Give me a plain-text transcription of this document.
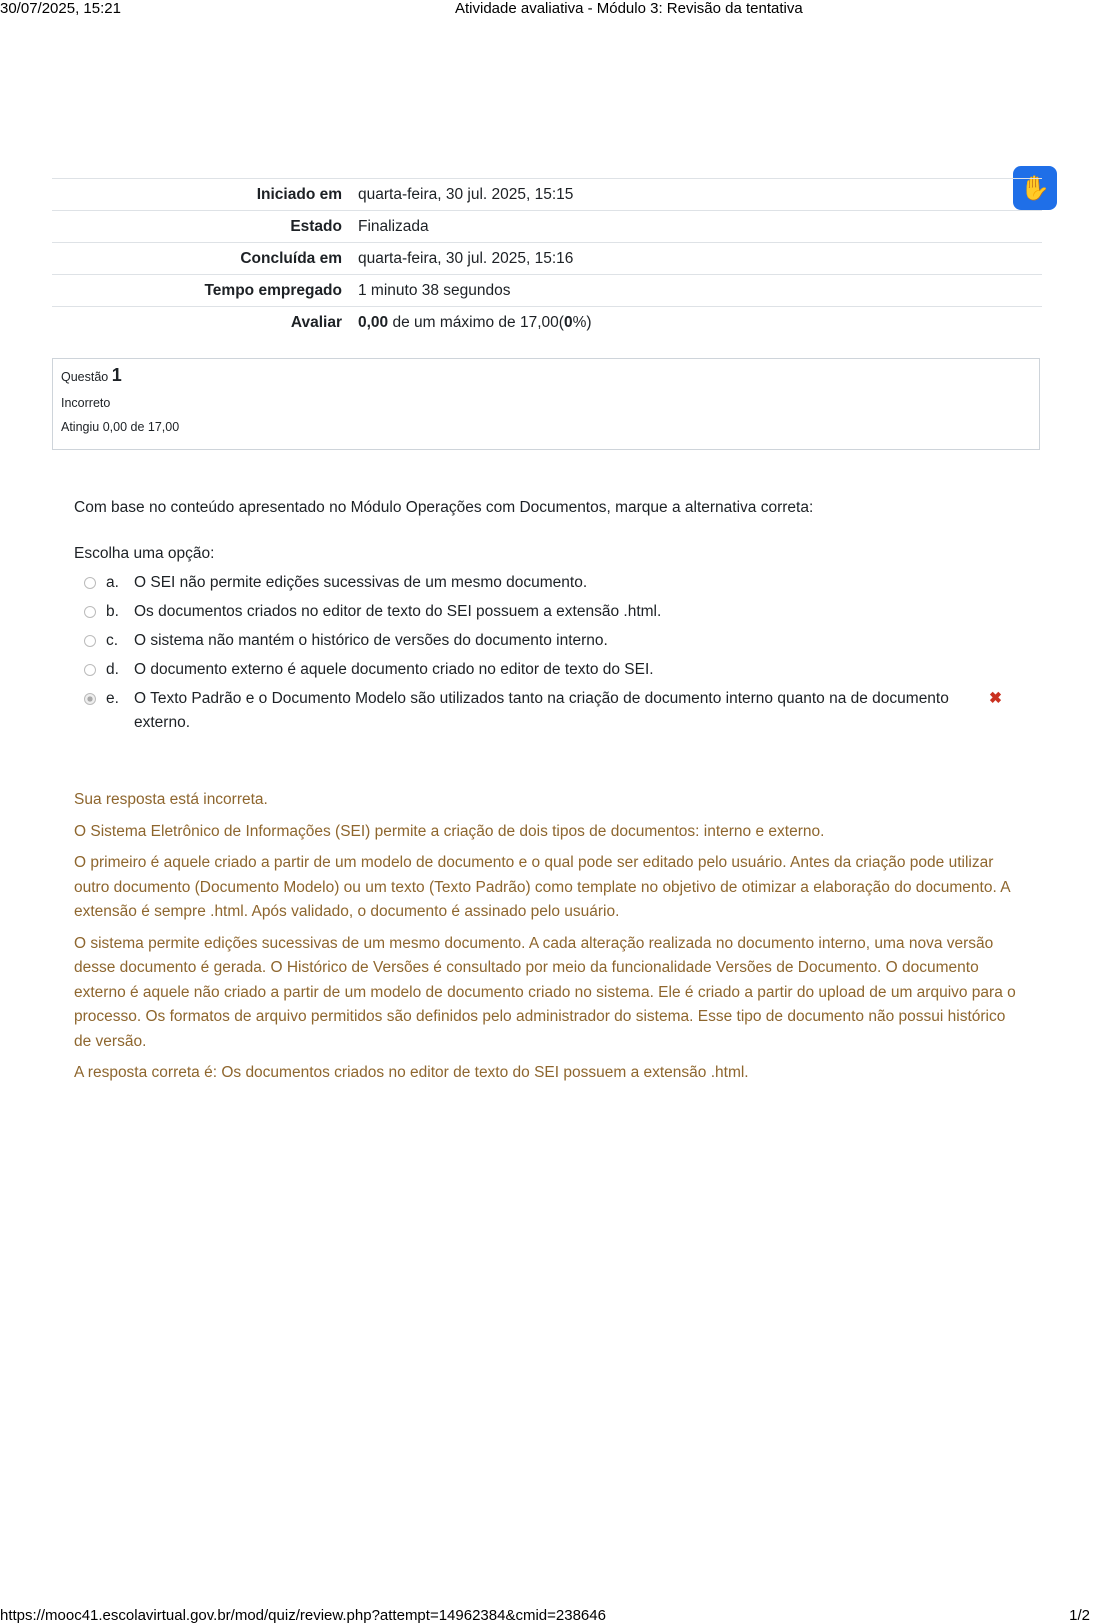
30/07/2025, 15:21	Atividade avaliativa - Módulo 3: Revisão da tentativa
✋
Iniciado em	quarta-feira, 30 jul. 2025, 15:15
Estado	Finalizada
Concluída em	quarta-feira, 30 jul. 2025, 15:16
Tempo empregado	1 minuto 38 segundos
Avaliar	0,00 de um máximo de 17,00(0%)
Questão 1
Incorreto
Atingiu 0,00 de 17,00
Com base no conteúdo apresentado no Módulo Operações com Documentos, marque a alternativa correta:
Escolha uma opção:
a. O SEI não permite edições sucessivas de um mesmo documento.
b. Os documentos criados no editor de texto do SEI possuem a extensão .html.
c.	O sistema não mantém o histórico de versões do documento interno.
d. O documento externo é aquele documento criado no editor de texto do SEI.
e. O Texto Padrão e o Documento Modelo são utilizados tanto na criação de documento interno quanto na de documento externo.
✖

Sua resposta está incorreta.

O Sistema Eletrônico de Informações (SEI) permite a criação de dois tipos de documentos: interno e externo.

O primeiro é aquele criado a partir de um modelo de documento e o qual pode ser editado pelo usuário. Antes da criação pode utilizar outro documento (Documento Modelo) ou um texto (Texto Padrão) como template no objetivo de otimizar a elaboração do documento. A extensão é sempre .html. Após validado, o documento é assinado pelo usuário.

O sistema permite edições sucessivas de um mesmo documento. A cada alteração realizada no documento interno, uma nova versão desse documento é gerada. O Histórico de Versões é consultado por meio da funcionalidade Versões de Documento. O documento externo é aquele não criado a partir de um modelo de documento criado no sistema. Ele é criado a partir do upload de um arquivo para o processo. Os formatos de arquivo permitidos são definidos pelo administrador do sistema. Esse tipo de documento não possui histórico de versão.

A resposta correta é: Os documentos criados no editor de texto do SEI possuem a extensão .html.

https://mooc41.escolavirtual.gov.br/mod/quiz/review.php?attempt=14962384&cmid=238646	1/2
